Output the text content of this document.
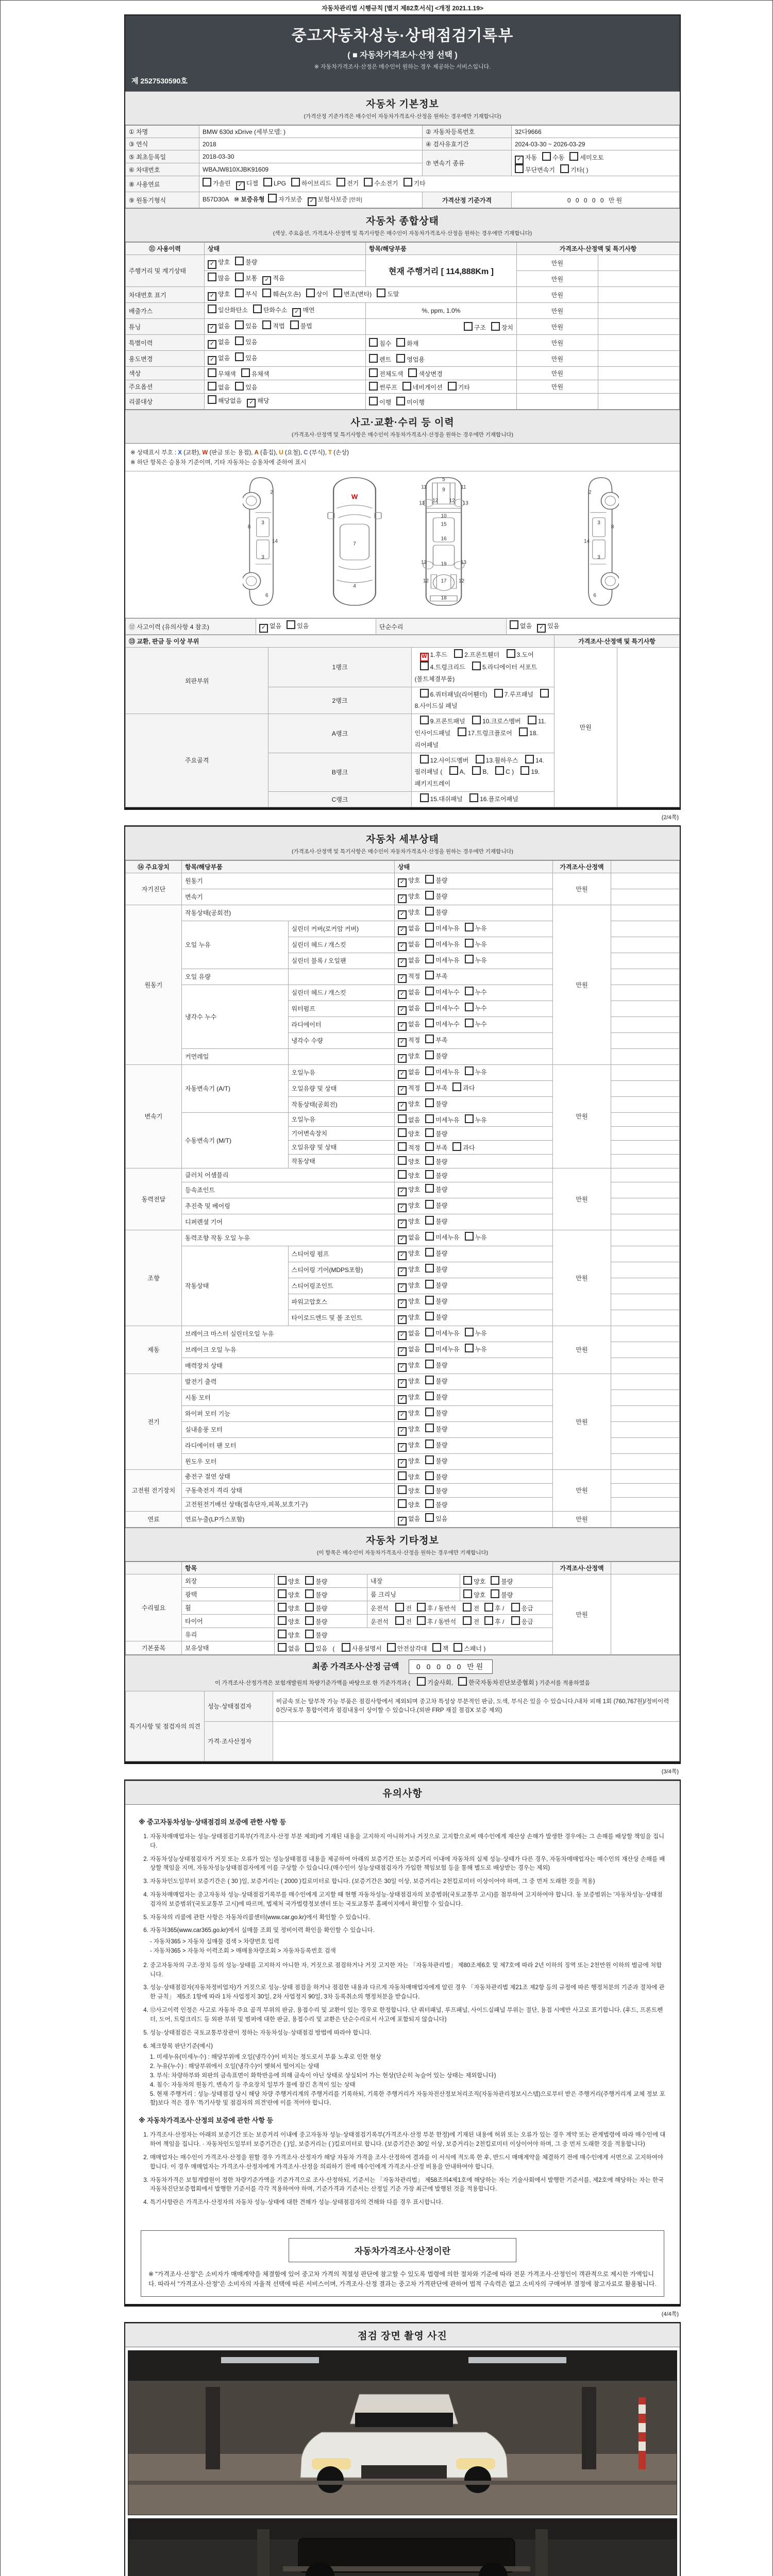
자동차관리법 시행규칙 [별지 제82호서식] <개정 2021.1.19>
중고자동차성능·상태점검기록부
( ■ 자동차가격조사·산정 선택 )
※ 자동차가격조사·산정은 매수인이 원하는 경우 제공하는 서비스입니다.
제 2527530590호
자동차 기본정보
(가격산정 기준가격은 매수인이 자동차가격조사·산정을 원하는 경우에만 기재합니다)
① 차명	BMW 630d xDrive (세부모델: )	② 자동차등록번호	32다9666
③ 연식	2018	④ 검사유효기간	2024-03-30 ~ 2026-03-29
⑤ 최초등록일	2018-03-30	⑦ 변속기 종류	✓ 자동 수동 세미오토
무단변속기 기타( )
⑥ 차대번호	WBAJW810XJBK91609		
⑧ 사용연료	가솔린 ✓ 디젤 LPG 하이브리드 전기 수소전기 기타		
⑨ 원동기형식	B57D30A   ⑩ 보증유형 자가보증 ✓ 보험사보증 [한화]	가격산정 기준가격	0 0 0 0 0 만원
자동차 종합상태
(색상, 주요옵션, 가격조사·산정액 및 특기사항은 매수인이 자동차가격조사·산정을 원하는 경우에만 기재합니다)
⑪ 사용이력	상태	항목/해당부품	가격조사·산정액 및 특기사항	
주행거리 및 계기상태	✓ 양호 불량	현재 주행거리 [ 114,888Km ]	만원	
	많음 보통 ✓ 적음		만원	
차대번호 표기	✓ 양호 부식 훼손(오손) 상이 변조(변타) 도말		만원	
배출가스	일산화탄소 탄화수소 ✓ 매연	%, ppm, 1.0%	만원	
튜닝	✓ 없음 있음 적법 불법	구조 장치	만원	
특별이력	✓ 없음 있음	침수 화재	만원	
용도변경	✓ 없음 있음	렌트 영업용	만원	
색상	무채색 유채색	전체도색 색상변경	만원	
주요옵션	없음 있음	썬루프 네비게이션 기타	만원	
리콜대상	해당없음 ✓ 해당	이행 미이행		
사고·교환·수리 등 이력
(가격조사·산정액 및 특기사항은 매수인이 자동차가격조사·산정을 원하는 경우에만 기재합니다)
※ 상태표시 부호 : X (교환), W (판금 또는 용접), A (흠집), U (요철), C (부식), T (손상)
※ 하단 항목은 승용차 기준이며, 기타 자동차는 승용차에 준하여 표시
2
8
3
14
3
6
W
7
4
5
11	11
9
13	13
12 12
10
15
16
19
13	13
17
12	12
18
2
8
3
14
3
6
⑫ 사고이력 (유의사항 4 참조)	✓ 없음	있음	단순수리	없음 ✓ 있음
⑬ 교환, 판금 등 이상 부위			가격조사·산정액 및 특기사항	
외판부위	1랭크	W 1.후드 2.프론트휀더 3.도어 4.트렁크리드 5.라디에이터 서포트(볼트체결부품)	만원	
	2랭크	6.쿼터패널(리어휀더) 7.루프패널 8.사이드실 패널		
주요골격	A랭크	9.프론트패널 10.크로스멤버 11.인사이드패널 17.트렁크플로어 18.리어패널		
	B랭크	12.사이드멤버 13.휠하우스 14.필러패널 ( A, B, C ) 19.패키지트레이		
	C랭크	15.대쉬패널 16.플로어패널		
(2/4쪽)
자동차 세부상태
(가격조사·산정액 및 특기사항은 매수인이 자동차가격조사·산정을 원하는 경우에만 기재합니다)
⑭ 주요장치	항목/해당부품		상태	가격조사·산정액	
자기진단	원동기		✓ 양호 불량	만원	
	변속기		✓ 양호 불량		
원동기	작동상태(공회전)		✓ 양호 불량	만원	
	오일 누유	실린더 커버(로커암 커버)	✓ 없음 미세누유 누유		
		실린더 헤드 / 개스킷	✓ 없음 미세누유 누유		
		실린더 블록 / 오일팬	✓ 없음 미세누유 누유		
	오일 유량		✓ 적정 부족		
	냉각수 누수	실린더 헤드 / 개스킷	✓ 없음 미세누수 누수		
		워터펌프	✓ 없음 미세누수 누수		
		라디에이터	✓ 없음 미세누수 누수		
		냉각수 수량	✓ 적정 부족		
	커먼레일		✓ 양호 불량		
변속기	자동변속기 (A/T)	오일누유	✓ 없음 미세누유 누유	만원	
		오일유량 및 상태	✓ 적정 부족 과다		
		작동상태(공회전)	✓ 양호 불량		
	수동변속기 (M/T)	오일누유	없음 미세누유 누유		
		기어변속장치	양호 불량		
		오일유량 및 상태	적정 부족 과다		
		작동상태	양호 불량		
동력전달	클러치 어셈블리		양호 불량	만원	
	등속죠인트		✓ 양호 불량		
	추진축 및 베어링		✓ 양호 불량		
	디퍼렌셜 기어		✓ 양호 불량		
조향	동력조향 작동 오일 누유		✓ 없음 미세누유 누유	만원	
	작동상태	스티어링 펌프	✓ 양호 불량		
		스티어링 기어(MDPS포함)	✓ 양호 불량		
		스티어링조인트	✓ 양호 불량		
		파워고압호스	✓ 양호 불량		
		타이로드엔드 및 볼 조인트	✓ 양호 불량		
제동	브레이크 마스터 실린더오일 누유		✓ 없음 미세누유 누유	만원	
	브레이크 오일 누유		✓ 없음 미세누유 누유		
	배력장치 상태		✓ 양호 불량		
전기	발전기 출력		✓ 양호 불량	만원	
	시동 모터		✓ 양호 불량		
	와이퍼 모터 기능		✓ 양호 불량		
	실내송풍 모터		✓ 양호 불량		
	라디에이터 팬 모터		✓ 양호 불량		
	윈도우 모터		✓ 양호 불량		
고전원 전기장치	충전구 절연 상태		양호 불량	만원	
	구동축전지 격리 상태		양호 불량		
	고전원전기배선 상태(접속단자,피복,보호기구)		양호 불량		
연료	연료누출(LP가스포함)		✓ 없음 있음	만원	
자동차 기타정보
(이 항목은 매수인이 자동차가격조사·산정을 원하는 경우에만 기재합니다)
	항목				가격조사·산정액	
수리필요	외장	양호 불량	내장	양호 불량	만원	
	광택	양호 불량	룸 크리닝	양호 불량		
	휠	양호 불량	운전석 전 후 / 동반석 전 후 / 응급			
	타이어	양호 불량	운전석 전 후 / 동반석 전 후 / 응급			
	유리	양호 불량				
기본품목	보유상태	없음 있음   ( 사용설명서 안전삼각대 잭 스패너 )				
최종 가격조사·산정 금액 0 0 0 0 0 만원
이 가격조사·산정가격은 보험개발원의 차량기준가액을 바탕으로 한 기준가격과 (	기술사회,	한국자동차진단보증협회 ) 기준서를 적용하였음
특기사항 및 점검자의 의견	성능·상태점검자	비금속 또는 탈부착 가능 부품은 점검사항에서 제외되며 중고차 특성상 부분적인 판금, 도색, 부식은 있을 수 있습니다./내차 피해 1회 (760,767원)/정비이력 0건/국토부 통합이력과 점검내용이 상이할 수 있습니다.(외판 FRP 재질 점검X 보증 제외)
	가격·조사산정자	
(3/4쪽)
유의사항
※ 중고자동차성능·상태점검의 보증에 관한 사항 등
1. 자동차매매업자는 성능·상태점검기록부(가격조사·산정 부분 제외)에 기재된 내용을 고지하지 아니하거나 거짓으로 고지함으로써 매수인에게 재산상 손해가 발생한 경우에는 그 손해를 배상할 책임을 집니다.
2. 자동차성능상태점검자가 거짓 또는 오류가 있는 성능상태점검 내용을 제공하여 아래의 보증기간 또는 보증거리 이내에 자동차의 실제 성능·상태가 다른 경우, 자동차매매업자는 매수인의 재산상 손해를 배상할 책임을 지며, 자동차성능상태점검자에게 이를 구상할 수 있습니다.(매수인이 성능상태점검자가 가입한 책임보험 등을 통해 별도로 배상받는 경우는 제외)
3. 자동차인도일부터 보증기간은 ( 30 )일, 보증거리는 ( 2000 )킬로미터로 합니다. (보증기간은 30일 이상, 보증거리는 2천킬로미터 이상이어야 하며, 그 중 먼저 도래한 것을 적용)
4. 자동차매매업자는 중고자동차 성능·상태점검기록부를 매수인에게 고지할 때 현행 자동차성능·상태점검자의 보증범위(국토교통부 고시)를 첨부하여 고지하여야 합니다. 동 보증범위는 '자동차성능·상태점검자의 보증범위'(국토교통부 고시)에 따르며, 법제처 국가법령정보센터 또는 국토교통부 홈페이지에서 확인할 수 있습니다.
5. 자동차의 리콜에 관한 사항은 자동차리콜센터(www.car.go.kr)에서 확인할 수 있습니다.
6. 자동차365(www.car365.go.kr)에서 실매물 조회 및 정비이력 확인을 확인할 수 있습니다.
- 자동차365 > 자동차 실매물 검색 > 차량번호 입력
- 자동차365 > 자동차 이력조회 > 매매용차량조회 > 자동차등록번호 검색
2. 중고자동차의 구조·장치 등의 성능·상태를 고지하지 아니한 자, 거짓으로 점검하거나 거짓 고지한 자는 「자동차관리법」 제80조제6호 및 제7호에 따라 2년 이하의 징역 또는 2천만원 이하의 벌금에 처합니다.
3. 성능·상태점검자(자동차정비업자)가 거짓으로 성능·상태 점검을 하거나 점검한 내용과 다르게 자동차매매업자에게 알린 경우 「자동차관리법 제21조 제2항 등의 규정에 따른 행정처분의 기준과 절차에 관한 규칙」 제5조 1항에 따라 1차 사업정지 30일, 2차 사업정지 90일, 3차 등록취소의 행정처분을 받습니다.
4. ⑫사고이력 인정은 사고로 자동차 주요 골격 부위의 판금, 용접수리 및 교환이 있는 경우로 한정합니다. 단 쿼터패널, 루프패널, 사이드실패널 부위는 절단, 용접 시에만 사고로 표기합니다. (후드, 프론트펜더, 도어, 트렁크리드 등 외판 부위 및 범퍼에 대한 판금, 용접수리 및 교환은 단순수리로서 사고에 포함되지 않습니다)
5. 성능·상태점검은 국토교통부장관이 정하는 자동차성능·상태점검 방법에 따라야 합니다.
6. 체크항목 판단기준(예시)
1. 미세누유(미세누수) : 해당부위에 오일(냉각수)이 비치는 정도로서 부품 노후로 인한 현상
2. 누유(누수) : 해당부위에서 오일(냉각수)이 맺혀서 떨어지는 상태
3. 부식: 차량하부와 외판의 금속표면이 화학반응에 의해 금속이 아닌 상태로 상실되어 가는 현상(단순히 녹슬어 있는 상태는 제외합니다)
4. 침수: 자동차의 원동기, 변속기 등 주요장치 일부가 물에 잠긴 흔적이 있는 상태
5. 현재 주행거리 : 성능·상태점검 당시 해당 차량 주행거리계의 주행거리를 기록하되, 기록한 주행거리가 자동차전산정보처리조직(자동차관리정보시스템)으로부터 받은 주행거리(주행거리계 교체 정보 포함)보다 적은 경우 '특기사항 및 점검자의 의견'란에 이를 적어야 합니다.
※ 자동차가격조사·산정의 보증에 관한 사항 등
1. 가격조사·산정자는 아래의 보증기간 또는 보증거리 이내에 중고자동차 성능·상태점검기록부(가격조사·산정 부분 한정)에 기재된 내용에 허위 또는 오류가 있는 경우 계약 또는 관계법령에 따라 매수인에 대하여 책임을 집니다. · 자동차인도일부터 보증기간은 ( )일, 보증거리는 ( )킬로미터로 합니다. (보증기간은 30일 이상, 보증거리는 2천킬로미터 이상이어야 하며, 그 중 먼저 도래한 것을 적용합니다)
2. 매매업자는 매수인이 가격조사·산정을 원할 경우 가격조사·산정자가 해당 자동차 가격을 조사·산정하여 결과를 이 서식에 적도록 한 후, 반드시 매매계약을 체결하기 전에 매수인에게 서면으로 고지하여야 합니다. 이 경우 매매업자는 가격조사·산정자에게 가격조사·산정을 의뢰하기 전에 매수인에게 가격조사·산정 비용을 안내하여야 합니다.
3. 자동차가격은 보험개발원이 정한 차량기준가액을 기준가격으로 조사·산정하되, 기준서는 「자동차관리법」 제58조의4제1호에 해당하는 자는 기술사회에서 발행한 기준서를, 제2호에 해당하는 자는 한국자동차진단보증협회에서 발행한 기준서를 각각 적용하여야 하며, 기준가격과 기준서는 산정일 기준 가장 최근에 발행된 것을 적용합니다.
4. 특기사항란은 가격조사·산정자의 자동차 성능·상태에 대한 견해가 성능·상태점검자의 견해와 다를 경우 표시합니다.
자동차가격조사·산정이란
※ "가격조사·산정"은 소비자가 매매계약을 체결함에 있어 중고차 가격의 적절성 판단에 참고할 수 있도록 법령에 의한 절차와 기준에 따라 전문 가격조사·산정인이 객관적으로 제시한 가액입니다. 따라서 "가격조사·산정"은 소비자의 자율적 선택에 따른 서비스이며, 가격조사·산정 결과는 중고차 가격판단에 관하여 법적 구속력은 없고 소비자의 구매여부 결정에 참고자료로 활용됩니다.
(4/4쪽)
점검 장면 촬영 사진
